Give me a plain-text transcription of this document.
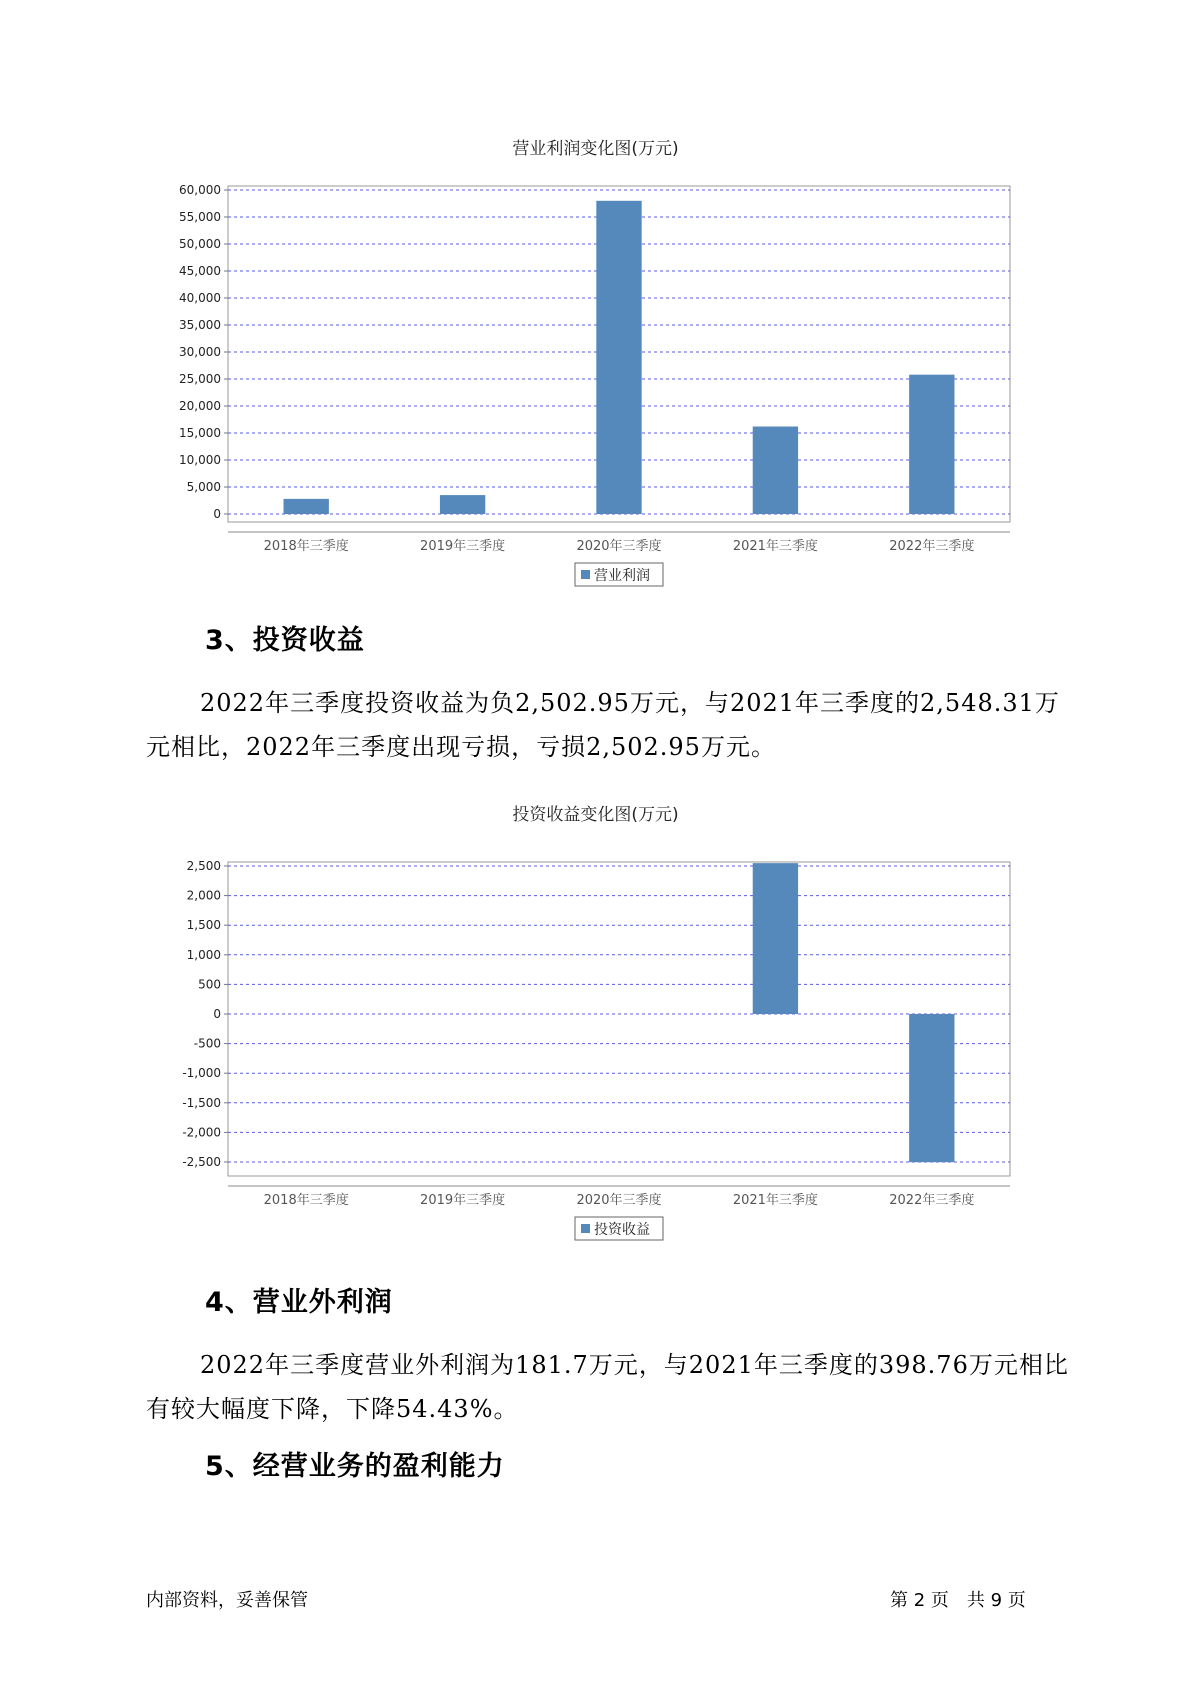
营业利润变化图(万元)
0
5,000
10,000
15,000
20,000
25,000
30,000
35,000
40,000
45,000
50,000
55,000
60,000
2018年三季度	2019年三季度	2020年三季度	2021年三季度	2022年三季度
营业利润
3、投资收益
2022年三季度投资收益为负2,502.95万元，与2021年三季度的2,548.31万元相比，2022年三季度出现亏损，亏损2,502.95万元。
投资收益变化图(万元)
-2,500
-2,000
-1,500
-1,000
-500
0
500
1,000
1,500
2,000
2,500
2018年三季度	2019年三季度	2020年三季度	2021年三季度	2022年三季度
投资收益
4、营业外利润
2022年三季度营业外利润为181.7万元，与2021年三季度的398.76万元相比有较大幅度下降，下降54.43%。
5、经营业务的盈利能力
内部资料，妥善保管	第 2 页　共 9 页
